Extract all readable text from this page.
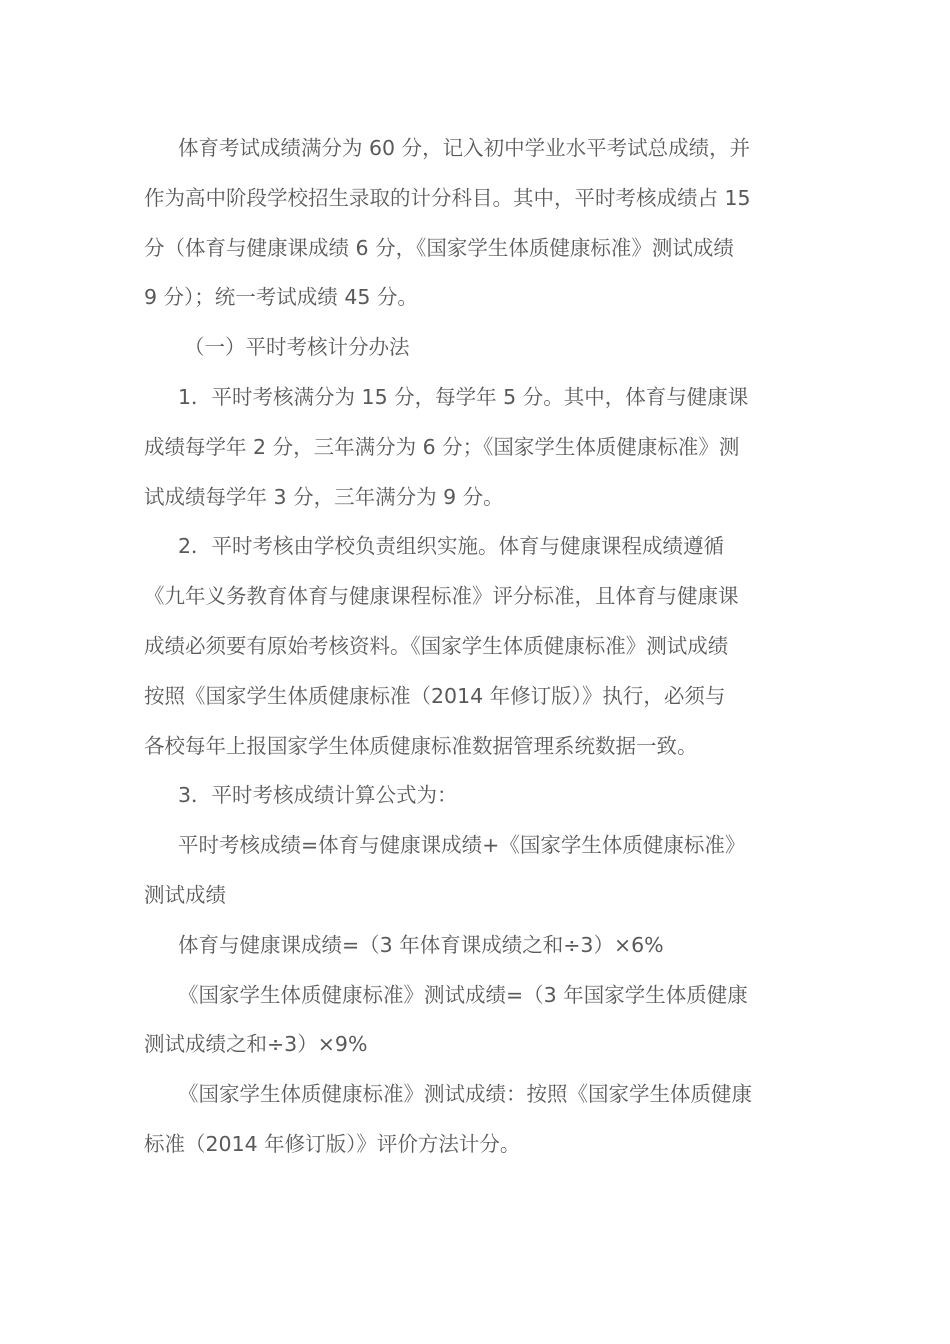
体育考试成绩满分为 60 分，记入初中学业水平考试总成绩，并
作为高中阶段学校招生录取的计分科目。其中，平时考核成绩占 15
分（体育与健康课成绩 6 分，《国家学生体质健康标准》测试成绩
9 分）；统一考试成绩 45 分。
（一）平时考核计分办法
1．平时考核满分为 15 分，每学年 5 分。其中，体育与健康课
成绩每学年 2 分，三年满分为 6 分；《国家学生体质健康标准》测
试成绩每学年 3 分，三年满分为 9 分。
2．平时考核由学校负责组织实施。体育与健康课程成绩遵循
《九年义务教育体育与健康课程标准》评分标准，且体育与健康课
成绩必须要有原始考核资料。《国家学生体质健康标准》测试成绩
按照《国家学生体质健康标准（2014 年修订版）》执行，必须与
各校每年上报国家学生体质健康标准数据管理系统数据一致。
3．平时考核成绩计算公式为：
平时考核成绩=体育与健康课成绩+《国家学生体质健康标准》
测试成绩
体育与健康课成绩=（3 年体育课成绩之和÷3）×6%
《国家学生体质健康标准》测试成绩=（3 年国家学生体质健康
测试成绩之和÷3）×9%
《国家学生体质健康标准》测试成绩：按照《国家学生体质健康
标准（2014 年修订版）》评价方法计分。
